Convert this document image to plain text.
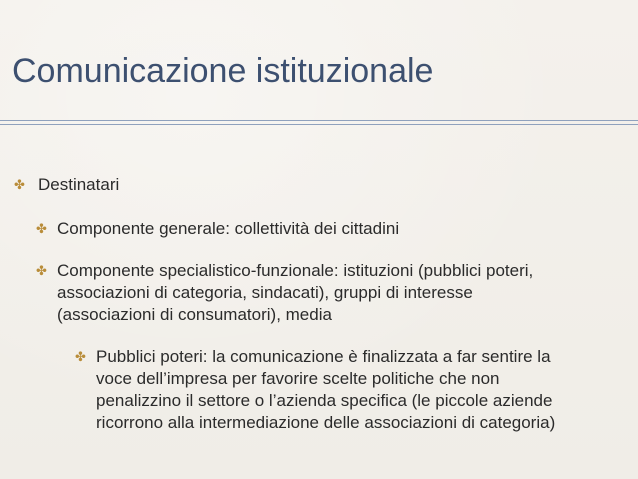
Comunicazione istituzionale
✤ Destinatari
✤ Componente generale: collettività dei cittadini
✤ Componente specialistico-funzionale: istituzioni (pubblici poteri,
associazioni di categoria, sindacati), gruppi di interesse
(associazioni di consumatori), media
✤ Pubblici poteri: la comunicazione è finalizzata a far sentire la
voce dell’impresa per favorire scelte politiche che non
penalizzino il settore o l’azienda specifica (le piccole aziende
ricorrono alla intermediazione delle associazioni di categoria)
